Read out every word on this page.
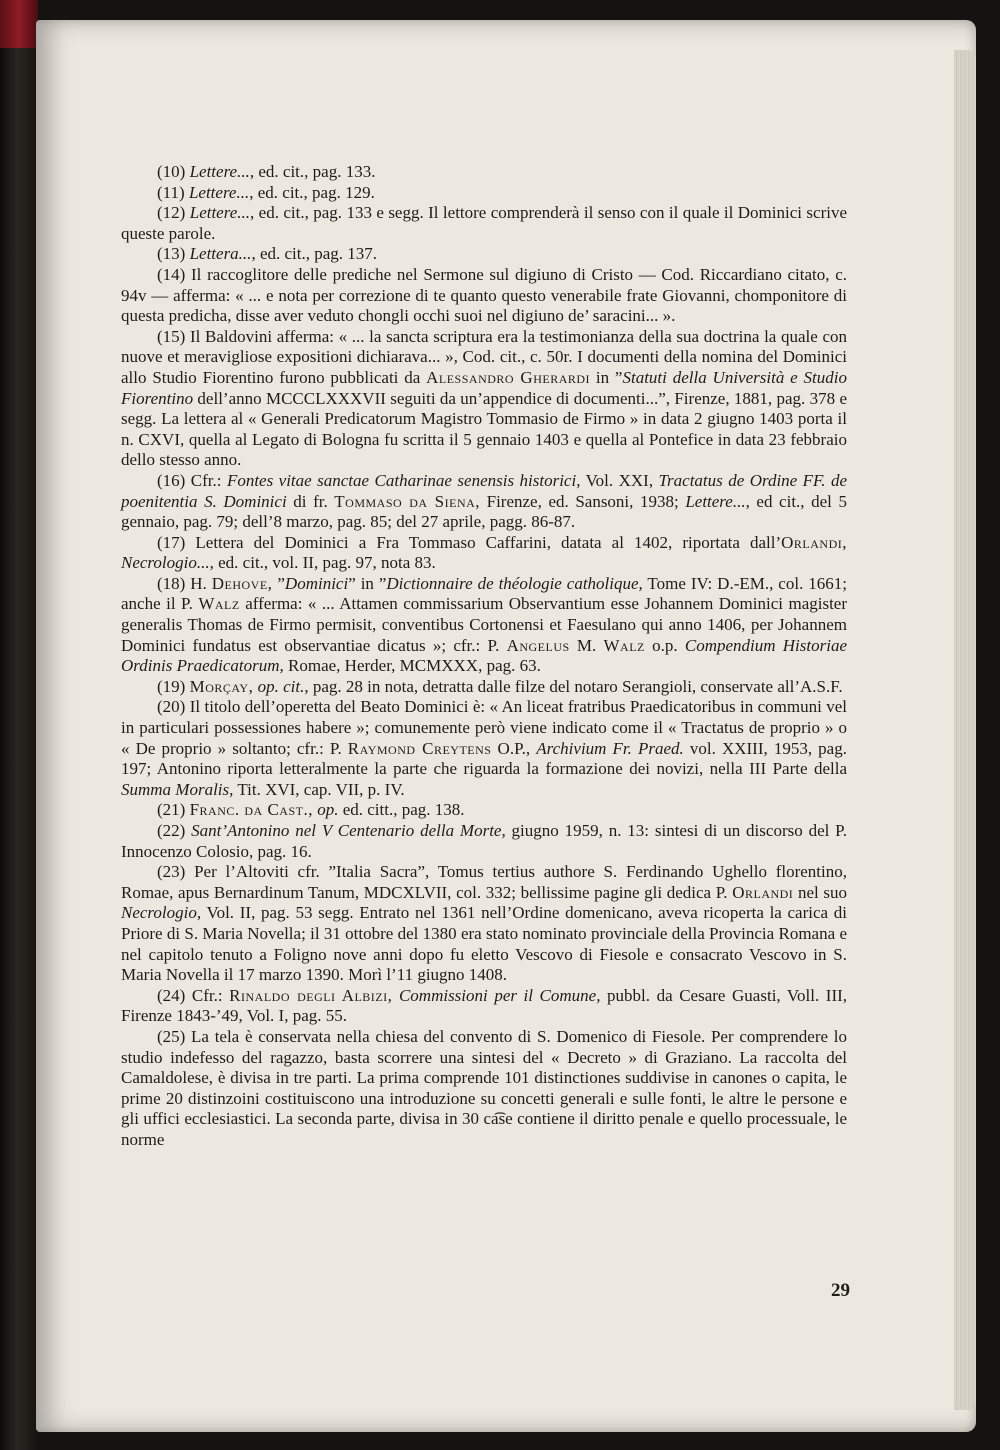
(10) Lettere..., ed. cit., pag. 133.

(11) Lettere..., ed. cit., pag. 129.

(12) Lettere..., ed. cit., pag. 133 e segg. Il lettore comprenderà il senso con il quale il Dominici scrive queste parole.

(13) Lettera..., ed. cit., pag. 137.

(14) Il raccoglitore delle prediche nel Sermone sul digiuno di Cristo — Cod. Riccardiano citato, c. 94v — afferma: « ... e nota per correzione di te quanto questo venerabile frate Giovanni, chomponitore di questa predicha, disse aver veduto chongli occhi suoi nel digiuno de’ saracini... ».

(15) Il Baldovini afferma: « ... la sancta scriptura era la testimonianza della sua doctrina la quale con nuove et meravigliose expositioni dichiarava... », Cod. cit., c. 50r. I documenti della nomina del Dominici allo Studio Fiorentino furono pubblicati da Alessandro Gherardi in ”Statuti della Università e Studio Fiorentino dell’anno MCCCLXXXVII seguiti da un’appendice di documenti...”, Firenze, 1881, pag. 378 e segg. La lettera al « Generali Predicatorum Magistro Tommasio de Firmo » in data 2 giugno 1403 porta il n. CXVI, quella al Legato di Bologna fu scritta il 5 gennaio 1403 e quella al Pontefice in data 23 febbraio dello stesso anno.

(16) Cfr.: Fontes vitae sanctae Catharinae senensis historici, Vol. XXI, Tractatus de Ordine FF. de poenitentia S. Dominici di fr. Tommaso da Siena, Firenze, ed. Sansoni, 1938; Lettere..., ed cit., del 5 gennaio, pag. 79; dell’8 marzo, pag. 85; del 27 aprile, pagg. 86-87.

(17) Lettera del Dominici a Fra Tommaso Caffarini, datata al 1402, riportata dall’Orlandi, Necrologio..., ed. cit., vol. II, pag. 97, nota 83.

(18) H. Dehove, ”Dominici” in ”Dictionnaire de théologie catholique, Tome IV: D.-EM., col. 1661; anche il P. Walz afferma: « ... Attamen commissarium Observantium esse Johannem Dominici magister generalis Thomas de Firmo permisit, conventibus Cortonensi et Faesulano qui anno 1406, per Johannem Dominici fundatus est observantiae dicatus »; cfr.: P. Angelus M. Walz o.p. Compendium Historiae Ordinis Praedicatorum, Romae, Herder, MCMXXX, pag. 63.

(19) Morçay, op. cit., pag. 28 in nota, detratta dalle filze del notaro Serangioli, conservate all’A.S.F.

(20) Il titolo dell’operetta del Beato Dominici è: « An liceat fratribus Praedicatoribus in communi vel in particulari possessiones habere »; comunemente però viene indicato come il « Tractatus de proprio » o « De proprio » soltanto; cfr.: P. Raymond Creytens O.P., Archivium Fr. Praed. vol. XXIII, 1953, pag. 197; Antonino riporta letteralmente la parte che riguarda la formazione dei novizi, nella III Parte della Summa Moralis, Tit. XVI, cap. VII, p. IV.

(21) Franc. da Cast., op. ed. citt., pag. 138.

(22) Sant’Antonino nel V Centenario della Morte, giugno 1959, n. 13: sintesi di un discorso del P. Innocenzo Colosio, pag. 16.

(23) Per l’Altoviti cfr. ”Italia Sacra”, Tomus tertius authore S. Ferdinando Ughello florentino, Romae, apus Bernardinum Tanum, MDCXLVII, col. 332; bellissime pagine gli dedica P. Orlandi nel suo Necrologio, Vol. II, pag. 53 segg. Entrato nel 1361 nell’Ordine domenicano, aveva ricoperta la carica di Priore di S. Maria Novella; il 31 ottobre del 1380 era stato nominato provinciale della Provincia Romana e nel capitolo tenuto a Foligno nove anni dopo fu eletto Vescovo di Fiesole e consacrato Vescovo in S. Maria Novella il 17 marzo 1390. Morì l’11 giugno 1408.

(24) Cfr.: Rinaldo degli Albizi, Commissioni per il Comune, pubbl. da Cesare Guasti, Voll. III, Firenze 1843-’49, Vol. I, pag. 55.

(25) La tela è conservata nella chiesa del convento di S. Domenico di Fiesole. Per comprendere lo studio indefesso del ragazzo, basta scorrere una sintesi del « Decreto » di Graziano. La raccolta del Camaldolese, è divisa in tre parti. La prima comprende 101 distinctiones suddivise in canones o capita, le prime 20 distinzoini costituiscono una introduzione su concetti generali e sulle fonti, le altre le persone e gli uffici ecclesiastici. La seconda parte, divisa in 30 ca͡se contiene il diritto penale e quello processuale, le norme

29
